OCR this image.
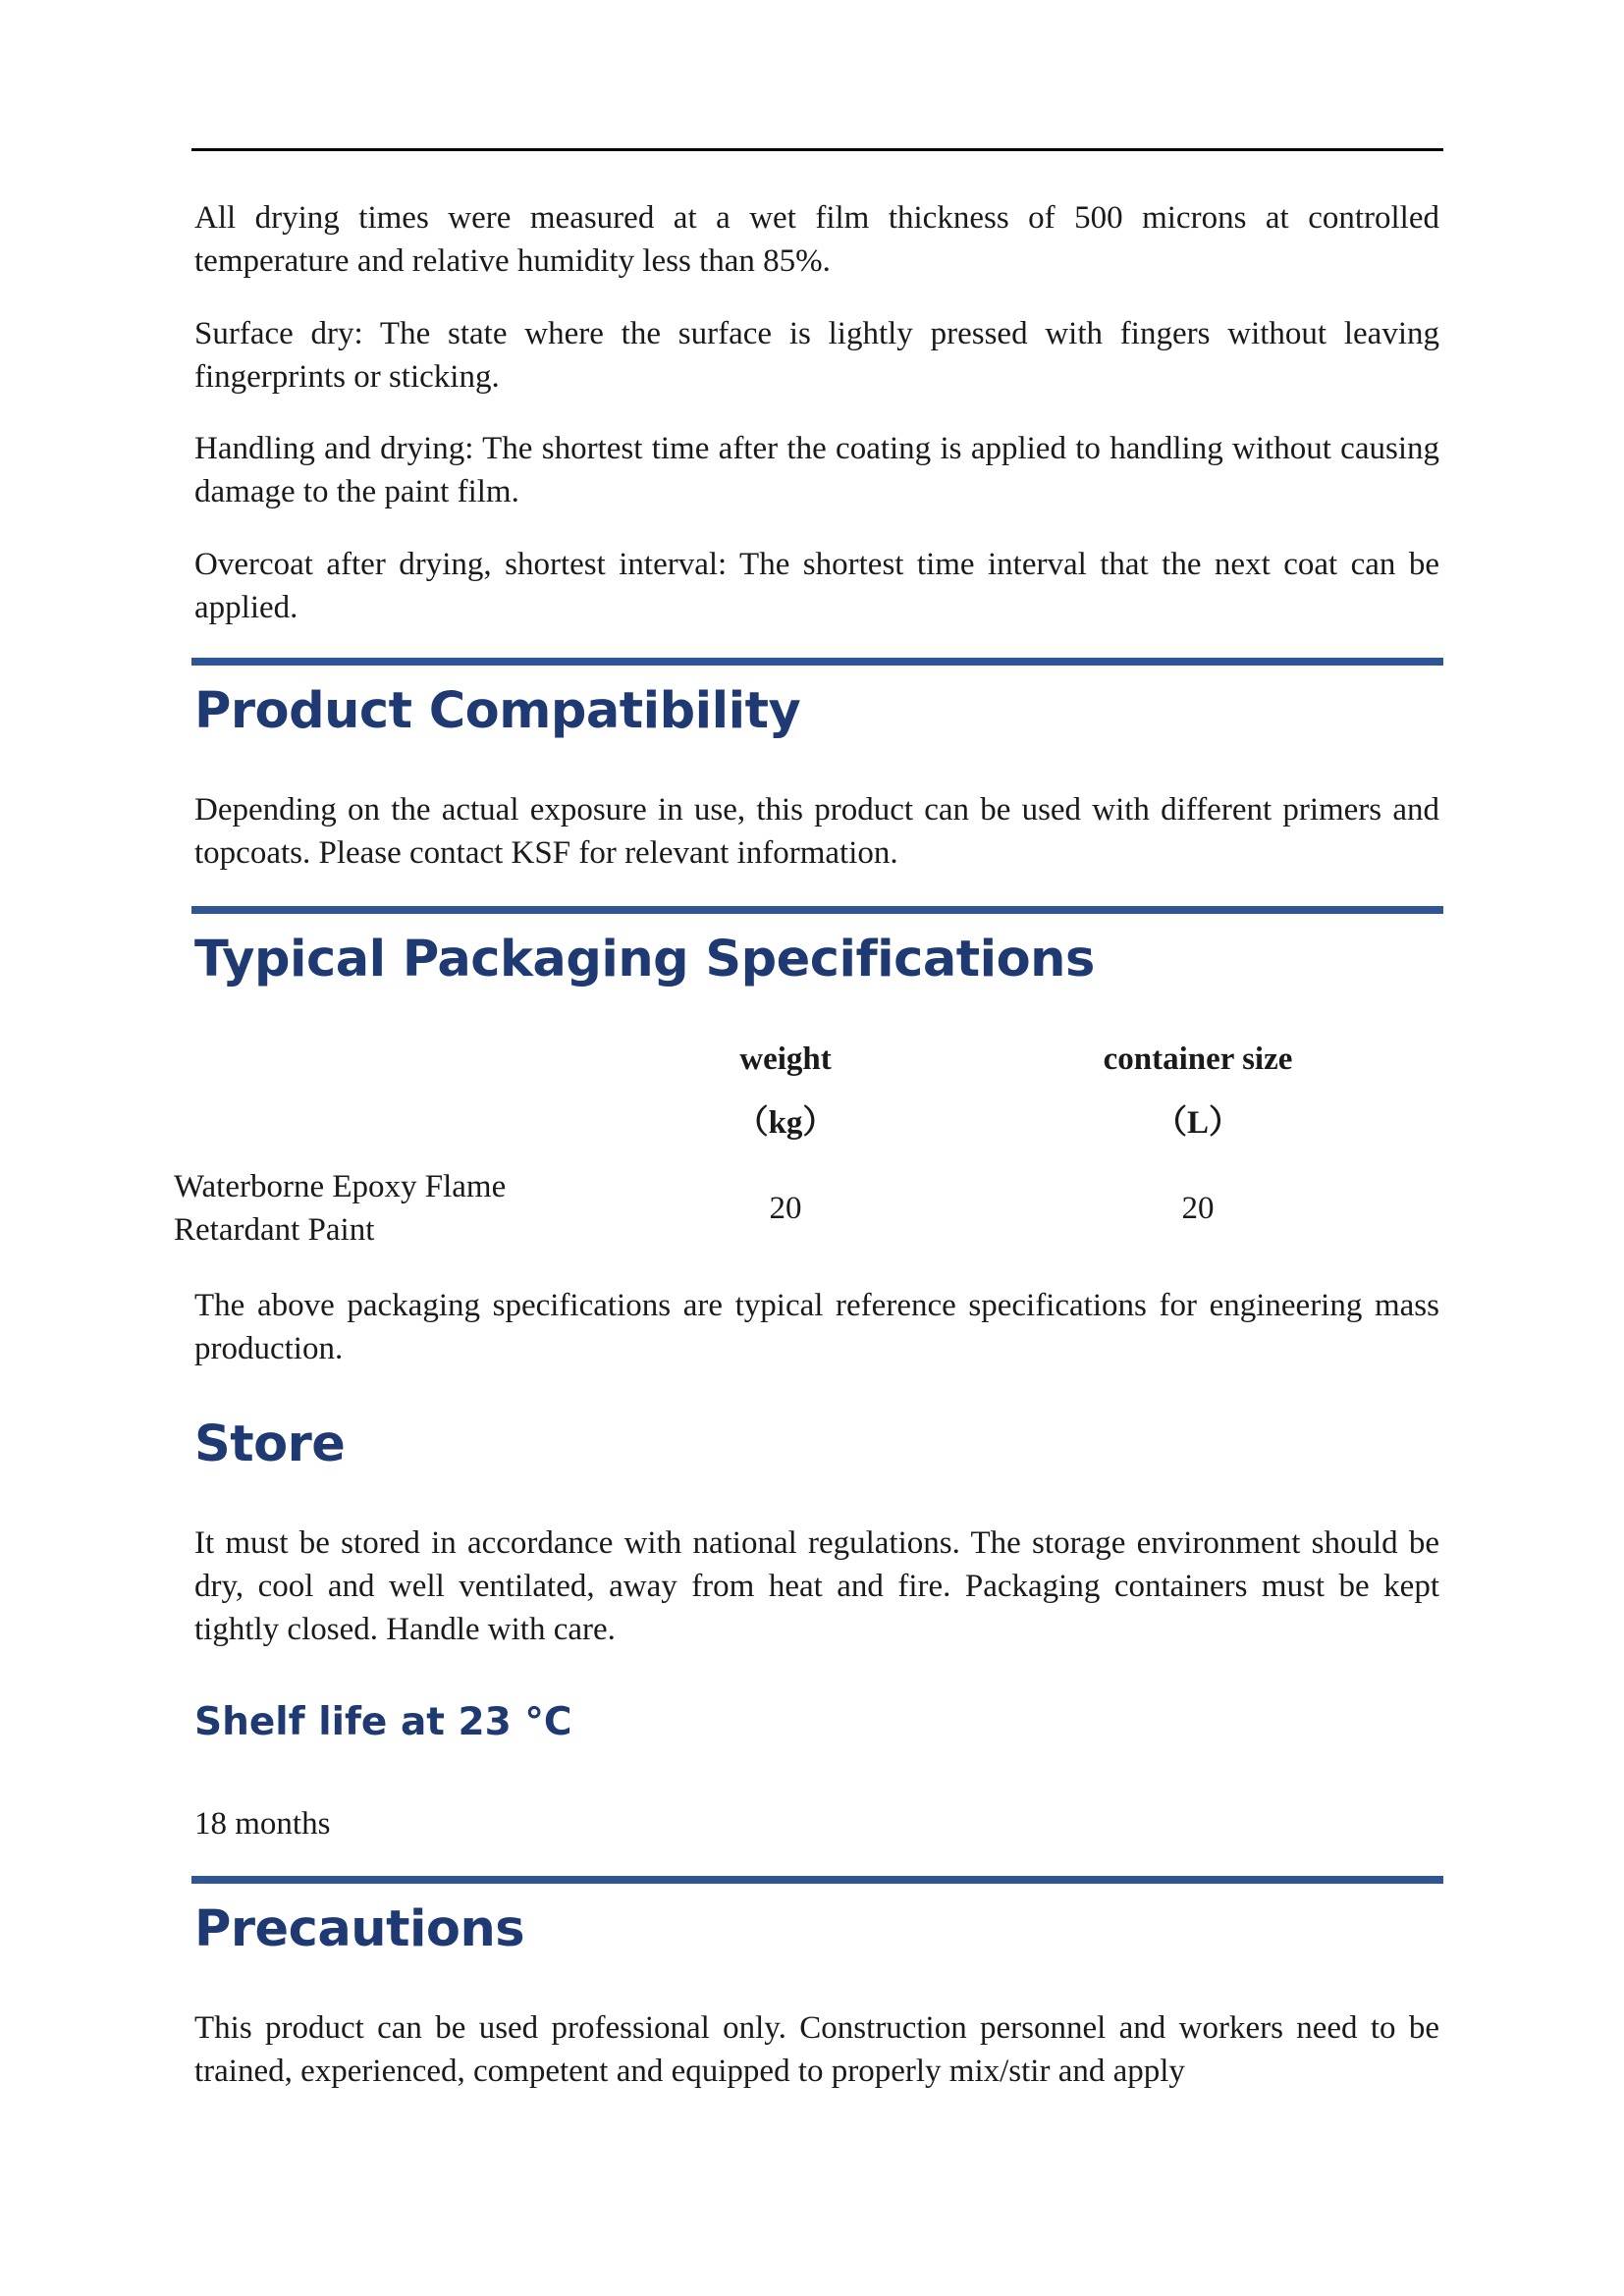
All drying times were measured at a wet film thickness of 500 microns at controlled temperature and relative humidity less than 85%.

Surface dry: The state where the surface is lightly pressed with fingers without leaving fingerprints or sticking.

Handling and drying: The shortest time after the coating is applied to handling without causing damage to the paint film.

Overcoat after drying, shortest interval: The shortest time interval that the next coat can be applied.

Product Compatibility

Depending on the actual exposure in use, this product can be used with different primers and topcoats. Please contact KSF for relevant information.

Typical Packaging Specifications
weight
（kg）
container size
（L）
Waterborne Epoxy Flame Retardant Paint
20	20

The above packaging specifications are typical reference specifications for engineering mass production.

Store

It must be stored in accordance with national regulations. The storage environment should be dry, cool and well ventilated, away from heat and fire. Packaging containers must be kept tightly closed. Handle with care.

Shelf life at 23 °C

18 months

Precautions

This product can be used professional only. Construction personnel and workers need to be trained, experienced, competent and equipped to properly mix/stir and apply
